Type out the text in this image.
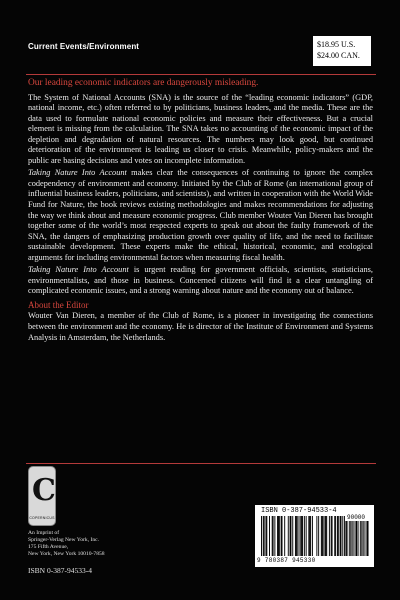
Current Events/Environment	$18.95 U.S.
$24.00 CAN.

Our leading economic indicators are dangerously misleading.

The System of National Accounts (SNA) is the source of the “leading economic indicators” (GDP, national income, etc.) often referred to by politicians, business leaders, and the media. These are the data used to formulate national economic policies and measure their effectiveness. But a crucial element is missing from the calculation. The SNA takes no accounting of the economic impact of the depletion and degradation of natural resources. The numbers may look good, but continued deterioration of the environment is leading us closer to crisis. Meanwhile, policy-makers and the public are basing decisions and votes on incomplete information.

Taking Nature Into Account makes clear the consequences of continuing to ignore the complex codependency of environment and economy. Initiated by the Club of Rome (an international group of influential business leaders, politicians, and scientists), and written in cooperation with the World Wide Fund for Nature, the book reviews existing methodologies and makes recommendations for adjusting the way we think about and measure economic progress. Club member Wouter Van Dieren has brought together some of the world’s most respected experts to speak out about the faulty framework of the SNA, the dangers of emphasizing production growth over quality of life, and the need to facilitate sustainable development. These experts make the ethical, historical, economic, and ecological arguments for including environmental factors when measuring fiscal health.

Taking Nature Into Account is urgent reading for government officials, scientists, statisticians, environmentalists, and those in business. Concerned citizens will find it a clear untangling of complicated economic issues, and a strong warning about nature and the economy out of balance.

About the Editor

Wouter Van Dieren, a member of the Club of Rome, is a pioneer in investigating the connections between the environment and the economy. He is director of the Institute of Environment and Systems Analysis in Amsterdam, the Netherlands.

C
COPERNICUS
An Imprint of
Springer-Verlag New York, Inc.
175 Fifth Avenue,
New York, New York 10010-7858
ISBN 0-387-94533-4
ISBN 0-387-94533-4
90000
9 780387 945330
